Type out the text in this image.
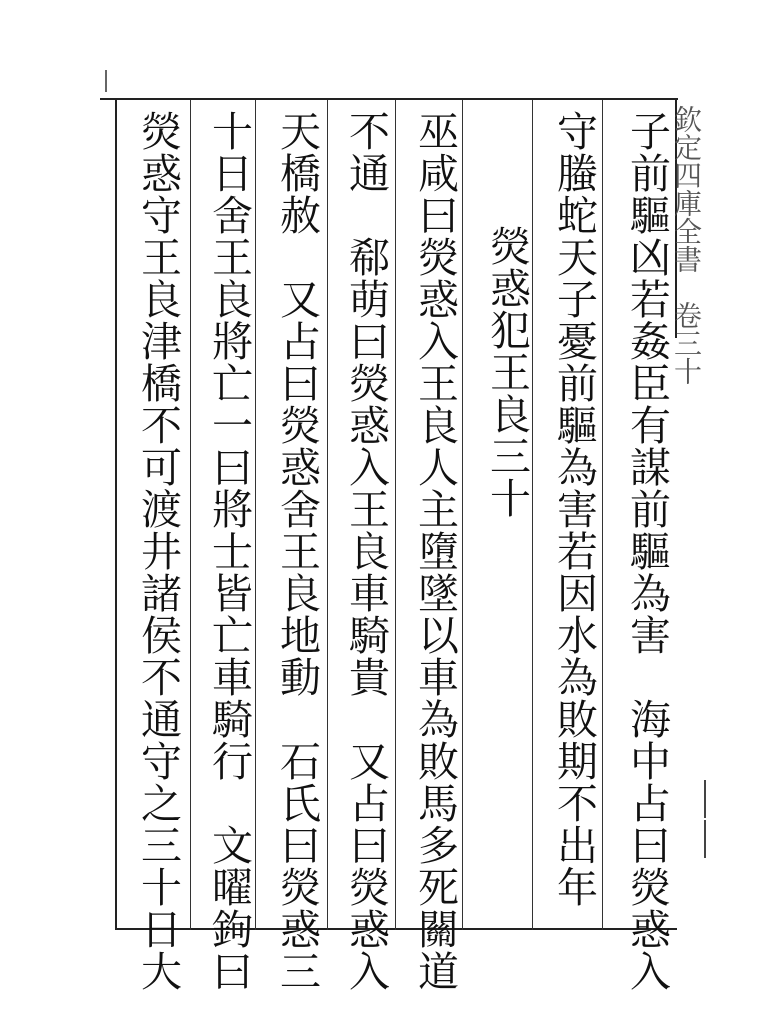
子前驅凶若姦臣有謀前驅為害　海中占曰熒惑入
守螣蛇天子憂前驅為害若因水為敗期不出年
熒惑犯王良三十
巫咸曰熒惑入王良人主墮墜以車為敗馬多死關道
不通　郗萌曰熒惑入王良車騎貴　又占曰熒惑入
天橋赦　又占曰熒惑舍王良地動　石氏曰熒惑三
十日舍王良將亡一曰將士皆亡車騎行　文曜鉤曰
熒惑守王良津橋不可渡井諸侯不通守之三十日大	欽定四庫全書　卷三十
